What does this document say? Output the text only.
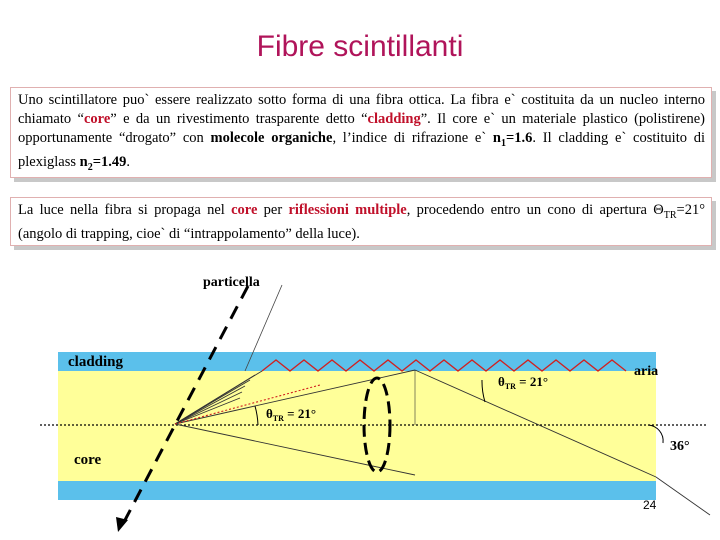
Fibre scintillanti

Uno scintillatore puo` essere realizzato sotto forma di una fibra ottica. La fibra e` costituita da un nucleo interno chiamato “core” e da un rivestimento trasparente detto “cladding”. Il core e` un materiale plastico (polistirene) opportunamente “drogato” con molecole organiche, l’indice di rifrazione e` $n_1=1.6$. Il cladding e` costituito di plexiglass $n_2=1.49$.

La luce nella fibra si propaga nel core per riflessioni multiple, procedendo entro un cono di apertura $\Theta_{TR}=21^\circ$ (angolo di trapping, cioe` di “intrappolamento” della luce).

particella
cladding
aria
core
$\theta_{TR} = 21^\circ$
$\theta_{TR} = 21^\circ$
36°
24
